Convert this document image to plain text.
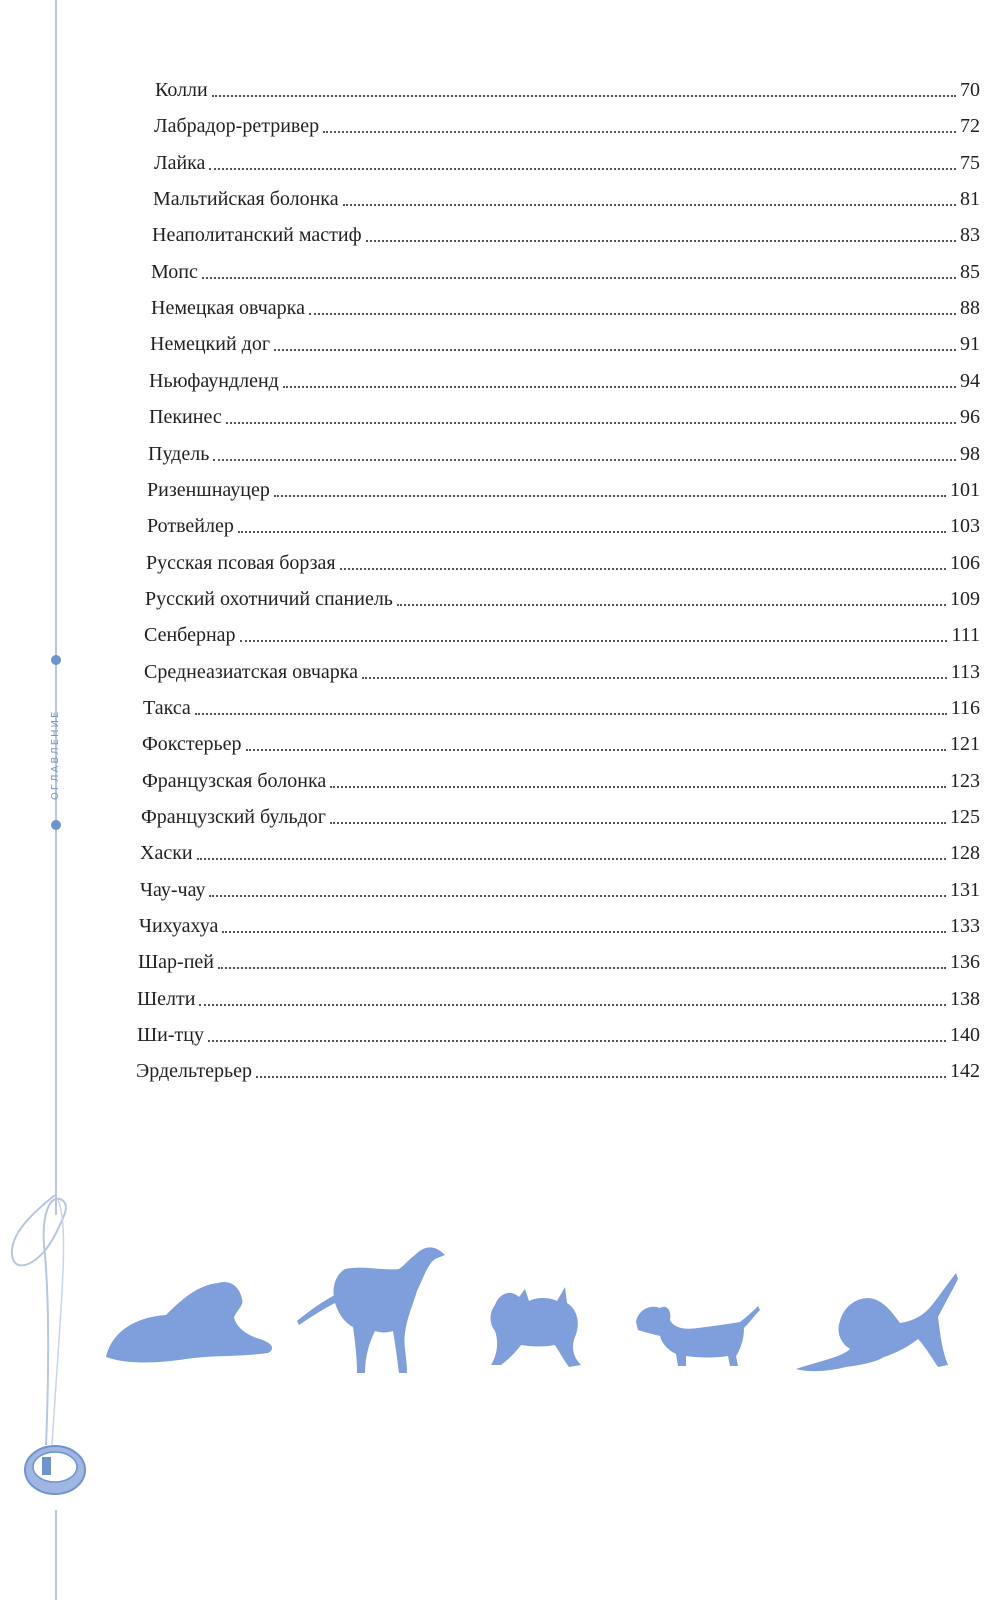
ОГЛАВЛЕНИЕ
Колли	70
Лабрадор-ретривер	72
Лайка	75
Мальтийская болонка	81
Неаполитанский мастиф	83
Мопс	85
Немецкая овчарка	88
Немецкий дог	91
Ньюфаундленд	94
Пекинес	96
Пудель	98
Ризеншнауцер	101
Ротвейлер	103
Русская псовая борзая	106
Русский охотничий спаниель	109
Сенбернар	111
Среднеазиатская овчарка	113
Такса	116
Фокстерьер	121
Французская болонка	123
Французский бульдог	125
Хаски	128
Чау-чау	131
Чихуахуа	133
Шар-пей	136
Шелти	138
Ши-тцу	140
Эрдельтерьер	142
